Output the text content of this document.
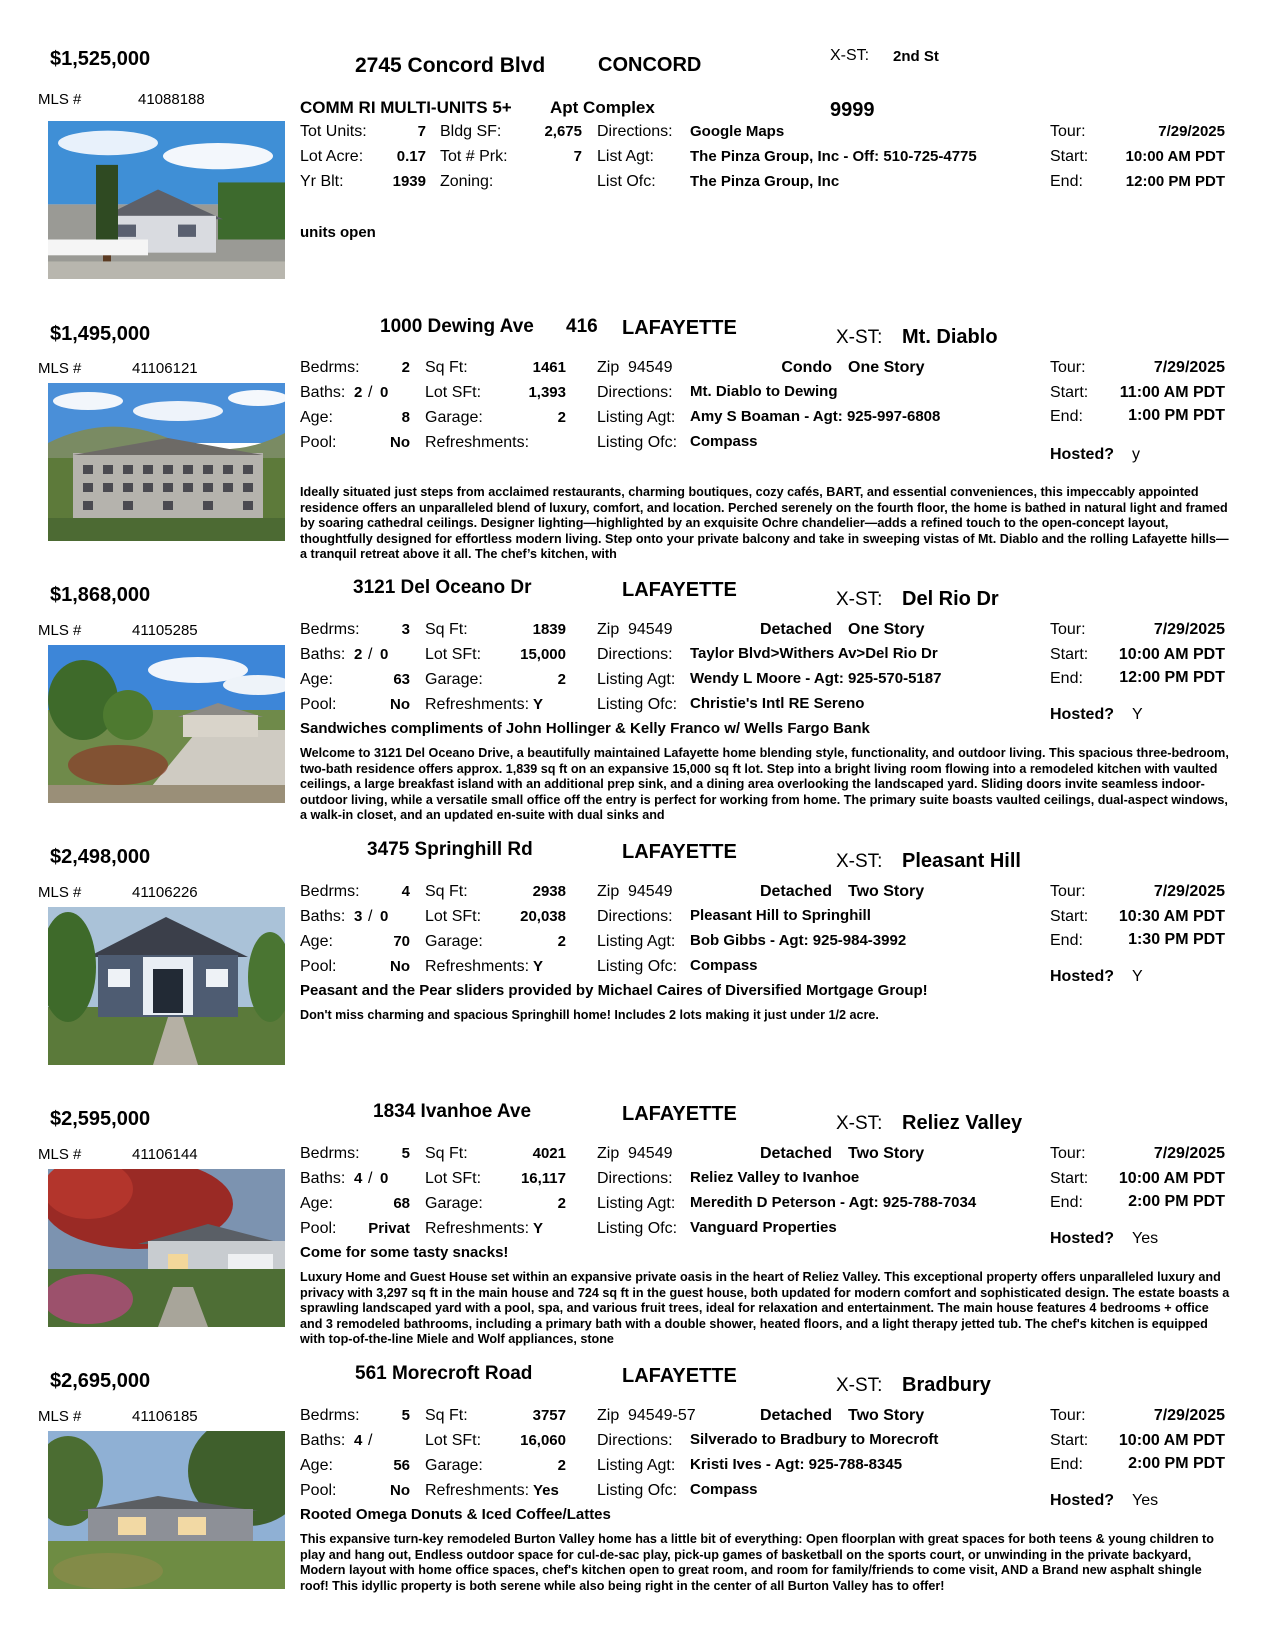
$1,525,000
MLS #	41088188
2745 Concord Blvd	CONCORD	X-ST: 2nd St
COMM RI MULTI-UNITS 5+ Apt Complex	9999
Tot Units:	7 Bldg SF:	2,675 Directions: Google Maps
Lot Acre:	0.17 Tot # Prk:	7 List Agt: The Pinza Group, Inc - Off: 510-725-4775
Yr Blt:	1939 Zoning:	List Ofc: The Pinza Group, Inc
Tour:	7/29/2025
Start:	10:00 AM PDT
End:	12:00 PM PDT
units open
$1,495,000
MLS #	41106121
1000 Dewing Ave 416 LAFAYETTE	X-ST: Mt. Diablo
Bedrms:	2 Sq Ft:	1461 Zip 94549	Condo One Story
Baths: 2 / 0 Lot SFt:	1,393 Directions: Mt. Diablo to Dewing
Age:	8 Garage:	2 Listing Agt: Amy S Boaman - Agt: 925-997-6808
Pool:	No Refreshments:	Listing Ofc: Compass
Tour:	7/29/2025
Start:	11:00 AM PDT
End:	1:00 PM PDT
Hosted? y
Ideally situated just steps from acclaimed restaurants, charming boutiques, cozy cafés, BART, and essential conveniences, this impeccably appointed residence offers an unparalleled blend of luxury, comfort, and location. Perched serenely on the fourth floor, the home is bathed in natural light and framed by soaring cathedral ceilings. Designer lighting—highlighted by an exquisite Ochre chandelier—adds a refined touch to the open-concept layout, thoughtfully designed for effortless modern living. Step onto your private balcony and take in sweeping vistas of Mt. Diablo and the rolling Lafayette hills—a tranquil retreat above it all. The chef’s kitchen, with
$1,868,000
MLS #	41105285
3121 Del Oceano Dr	LAFAYETTE	X-ST: Del Rio Dr
Bedrms:	3 Sq Ft:	1839 Zip 94549	Detached One Story
Baths: 2 / 0 Lot SFt:	15,000 Directions: Taylor Blvd>Withers Av>Del Rio Dr
Age:	63 Garage:	2 Listing Agt: Wendy L Moore - Agt: 925-570-5187
Pool:	No Refreshments: Y	Listing Ofc: Christie's Intl RE Sereno
Tour:	7/29/2025
Start:	10:00 AM PDT
End:	12:00 PM PDT
Hosted? Y
Sandwiches compliments of John Hollinger & Kelly Franco w/ Wells Fargo Bank
Welcome to 3121 Del Oceano Drive, a beautifully maintained Lafayette home blending style, functionality, and outdoor living. This spacious three-bedroom, two-bath residence offers approx. 1,839 sq ft on an expansive 15,000 sq ft lot. Step into a bright living room flowing into a remodeled kitchen with vaulted ceilings, a large breakfast island with an additional prep sink, and a dining area overlooking the landscaped yard. Sliding doors invite seamless indoor-outdoor living, while a versatile small office off the entry is perfect for working from home. The primary suite boasts vaulted ceilings, dual-aspect windows, a walk-in closet, and an updated en-suite with dual sinks and
$2,498,000
MLS #	41106226
3475 Springhill Rd	LAFAYETTE	X-ST: Pleasant Hill
Bedrms:	4 Sq Ft:	2938 Zip 94549	Detached Two Story
Baths: 3 / 0 Lot SFt:	20,038 Directions: Pleasant Hill to Springhill
Age:	70 Garage:	2 Listing Agt: Bob Gibbs - Agt: 925-984-3992
Pool:	No Refreshments: Y	Listing Ofc: Compass
Tour:	7/29/2025
Start:	10:30 AM PDT
End:	1:30 PM PDT
Hosted? Y
Peasant and the Pear sliders provided by Michael Caires of Diversified Mortgage Group!
Don't miss charming and spacious Springhill home! Includes 2 lots making it just under 1/2 acre.
$2,595,000
MLS #	41106144
1834 Ivanhoe Ave	LAFAYETTE	X-ST: Reliez Valley
Bedrms:	5 Sq Ft:	4021 Zip 94549	Detached Two Story
Baths: 4 / 0 Lot SFt:	16,117 Directions: Reliez Valley to Ivanhoe
Age:	68 Garage:	2 Listing Agt: Meredith D Peterson - Agt: 925-788-7034
Pool:	Privat Refreshments: Y	Listing Ofc: Vanguard Properties
Tour:	7/29/2025
Start:	10:00 AM PDT
End:	2:00 PM PDT
Hosted? Yes
Come for some tasty snacks!
Luxury Home and Guest House set within an expansive private oasis in the heart of Reliez Valley. This exceptional property offers unparalleled luxury and privacy with 3,297 sq ft in the main house and 724 sq ft in the guest house, both updated for modern comfort and sophisticated design. The estate boasts a sprawling landscaped yard with a pool, spa, and various fruit trees, ideal for relaxation and entertainment. The main house features 4 bedrooms + office and 3 remodeled bathrooms, including a primary bath with a double shower, heated floors, and a light therapy jetted tub. The chef's kitchen is equipped with top-of-the-line Miele and Wolf appliances, stone
$2,695,000
MLS #	41106185
561 Morecroft Road	LAFAYETTE	X-ST: Bradbury
Bedrms:	5 Sq Ft:	3757 Zip 94549-57	Detached Two Story
Baths: 4 /	Lot SFt:	16,060 Directions: Silverado to Bradbury to Morecroft
Age:	56 Garage:	2 Listing Agt: Kristi Ives - Agt: 925-788-8345
Pool:	No Refreshments: Yes Listing Ofc: Compass
Tour:	7/29/2025
Start:	10:00 AM PDT
End:	2:00 PM PDT
Hosted? Yes
Rooted Omega Donuts & Iced Coffee/Lattes
This expansive turn-key remodeled Burton Valley home has a little bit of everything: Open floorplan with great spaces for both teens & young children to play and hang out, Endless outdoor space for cul-de-sac play, pick-up games of basketball on the sports court, or unwinding in the private backyard, Modern layout with home office spaces, chef's kitchen open to great room, and room for family/friends to come visit, AND a Brand new asphalt shingle roof! This idyllic property is both serene while also being right in the center of all Burton Valley has to offer!
